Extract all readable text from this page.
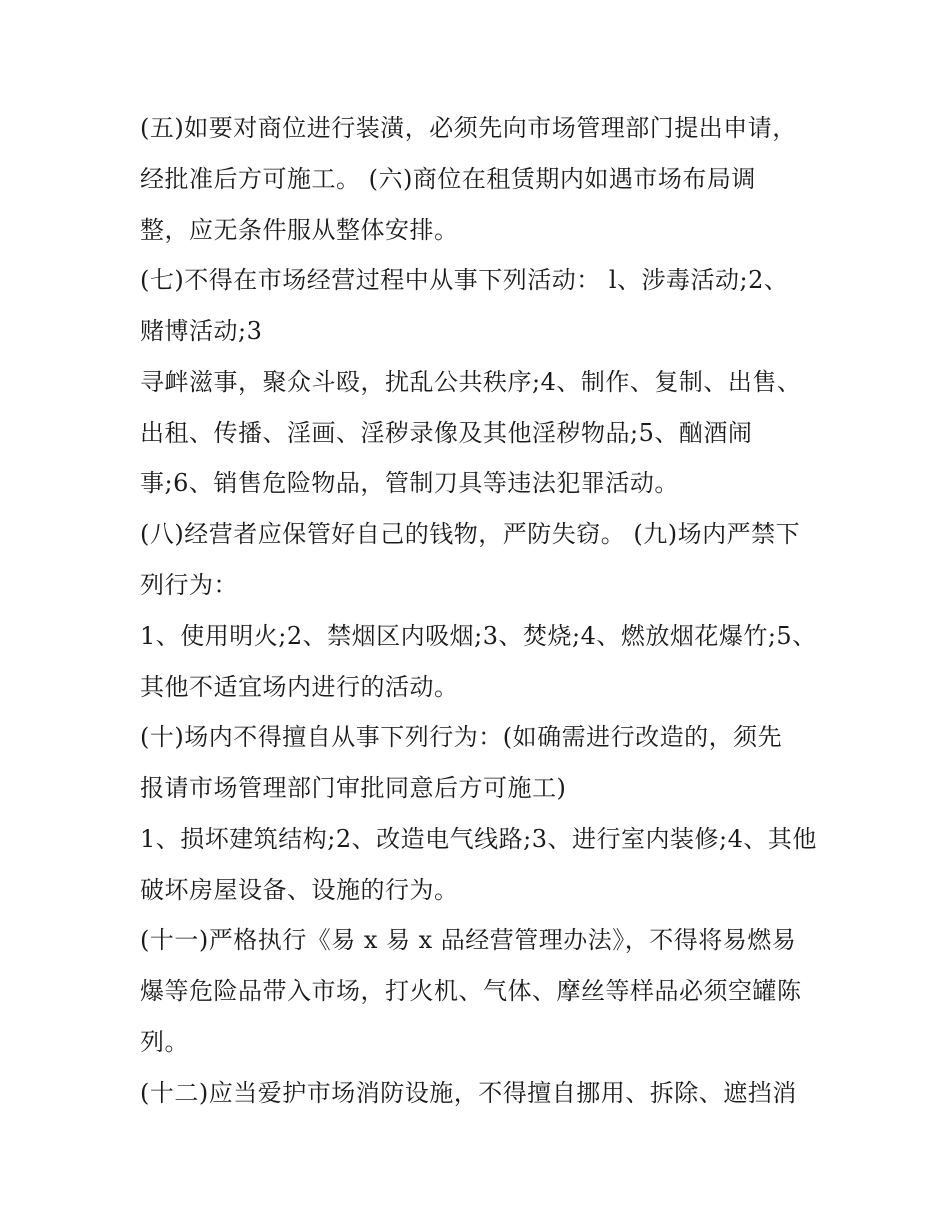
(五)如要对商位进行装潢，必须先向市场管理部门提出申请，
经批准后方可施工。 (六)商位在租赁期内如遇市场布局调
整，应无条件服从整体安排。
(七)不得在市场经营过程中从事下列活动： l、涉毒活动;2、
赌博活动;3
寻衅滋事，聚众斗殴，扰乱公共秩序;4、制作、复制、出售、
出租、传播、淫画、淫秽录像及其他淫秽物品;5、酗酒闹
事;6、销售危险物品，管制刀具等违法犯罪活动。
(八)经营者应保管好自己的钱物，严防失窃。 (九)场内严禁下
列行为：
1、使用明火;2、禁烟区内吸烟;3、焚烧;4、燃放烟花爆竹;5、
其他不适宜场内进行的活动。
(十)场内不得擅自从事下列行为：(如确需进行改造的，须先
报请市场管理部门审批同意后方可施工)
1、损坏建筑结构;2、改造电气线路;3、进行室内装修;4、其他
破坏房屋设备、设施的行为。
(十一)严格执行《易 x 易 x 品经营管理办法》，不得将易燃易
爆等危险品带入市场，打火机、气体、摩丝等样品必须空罐陈
列。
(十二)应当爱护市场消防设施，不得擅自挪用、拆除、遮挡消
